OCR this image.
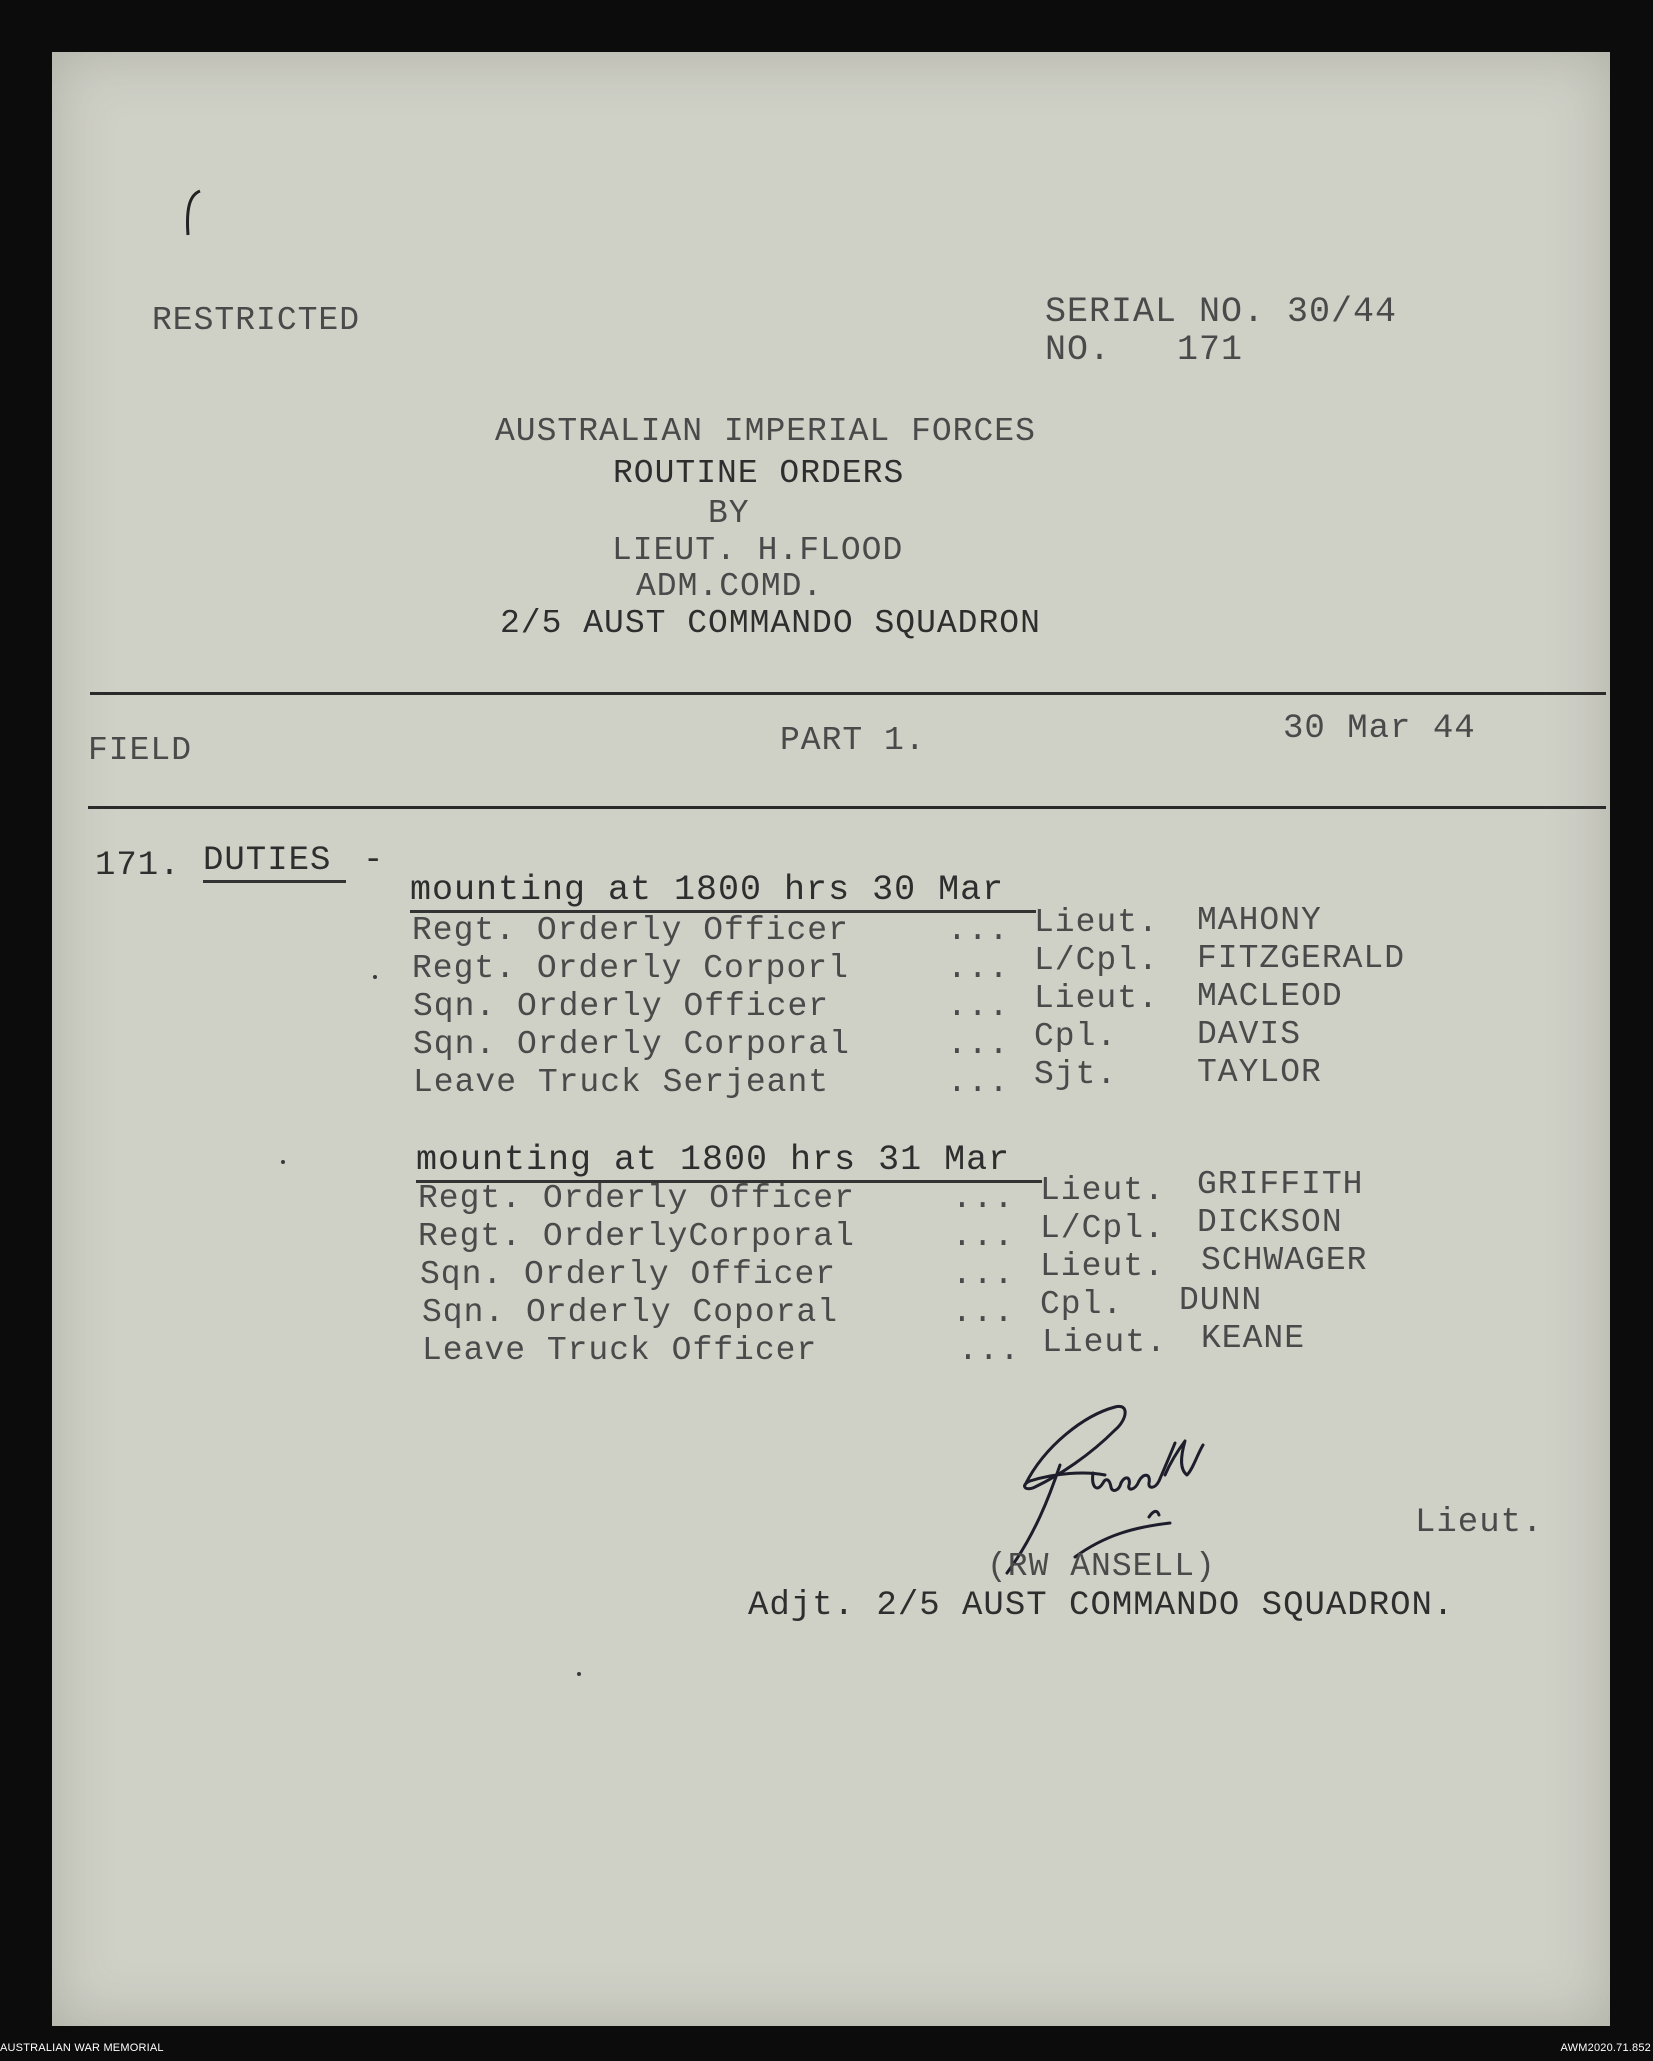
RESTRICTED	SERIAL NO. 30/44
NO.   171
AUSTRALIAN IMPERIAL FORCES
ROUTINE ORDERS
BY
LIEUT. H.FLOOD
ADM.COMD.
2/5 AUST COMMANDO SQUADRON
FIELD	PART 1.	30 Mar 44
171. DUTIES -
mounting at 1800 hrs 30 Mar
Regt. Orderly Officer	... Lieut. MAHONY
Regt. Orderly Corporl	... L/Cpl. FITZGERALD
Sqn. Orderly Officer	... Lieut. MACLEOD
Sqn. Orderly Corporal	... Cpl. DAVIS
Leave Truck Serjeant	... Sjt. TAYLOR
mounting at 1800 hrs 31 Mar
Regt. Orderly Officer	... Lieut. GRIFFITH
Regt. OrderlyCorporal	... L/Cpl. DICKSON
Sqn. Orderly Officer	... Lieut. SCHWAGER
Sqn. Orderly Coporal	... Cpl. DUNN
Leave Truck Officer	... Lieut. KEANE
Lieut.
(RW ANSELL)
Adjt. 2/5 AUST COMMANDO SQUADRON.
AUSTRALIAN WAR MEMORIAL	AWM2020.71.852
